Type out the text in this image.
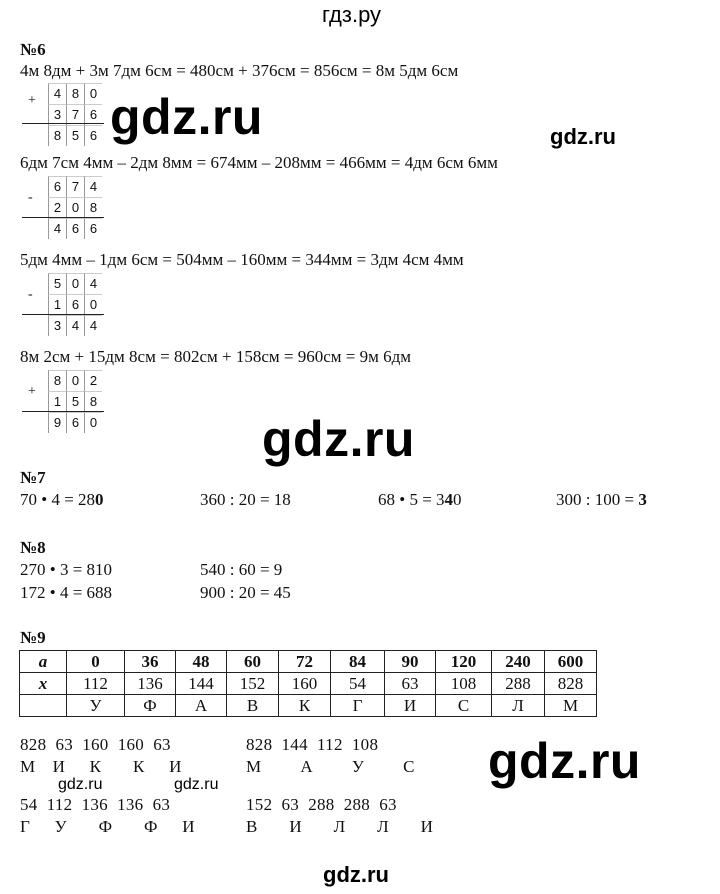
гдз.ру
№6
4м 8дм + 3м 7дм 6см = 480см + 376см = 856см = 8м 5дм 6см
+	4 8 0
3 7 6
8 5 6 gdz.ru	gdz.ru
6дм 7см 4мм – 2дм 8мм = 674мм – 208мм = 466мм = 4дм 6см 6мм
-
6 7 4
2 0 8
4 6 6
5дм 4мм – 1дм 6см = 504мм – 160мм = 344мм = 3дм 4см 4мм
-
5 0 4
1 6 0
3 4 4
8м 2см + 15дм 8см = 802см + 158см = 960см = 9м 6дм
+
8 0 2
1 5 8
9 6 0	gdz.ru
№7
70 • 4 = 280	360 : 20 = 18	68 • 5 = 340	300 : 100 = 3
№8
270 • 3 = 810	540 : 60 = 9
172 • 4 = 688	900 : 20 = 45
№9
a	0	36	48	60	72	84	90	120	240	600
x	112	136	144	152	160	54	63	108	288	828
	У	Ф	А	В	К	Г	И	С	Л	М
828  63  160  160  63
М  И   К    К   И
828  144  112  108
М     А     У     С
gdz.ru	gdz.ru
54  112  136  136  63
Г   У    Ф    Ф   И
152  63  288  288  63
В    И    Л    Л    И
gdz.ru
gdz.ru
